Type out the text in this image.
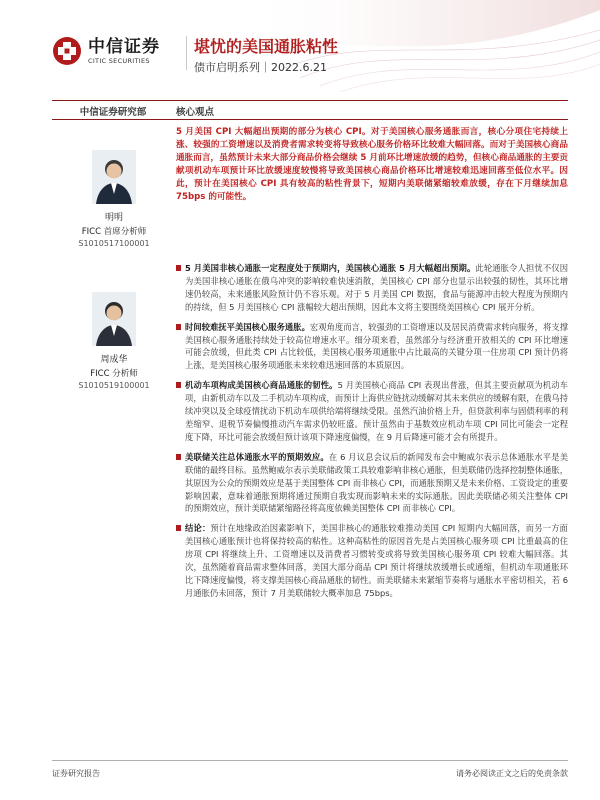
中信证券
CITIC SECURITIES
堪忧的美国通胀粘性
债市启明系列｜2022.6.21
中信证券研究部	核心观点
明明
FICC 首席分析师
S1010517100001
周成华
FICC 分析师
S1010519100001
5 月美国 CPI 大幅超出预期的部分为核心 CPI。对于美国核心服务通胀而言，核心分项住宅持续上涨、较强的工资增速以及消费者需求转变将导致核心服务价格环比较难大幅回落。而对于美国核心商品通胀而言，虽然预计未来大部分商品价格会继续 5 月前环比增速放缓的趋势，但核心商品通胀的主要贡献项机动车项预计环比放缓速度较慢将导致美国核心商品价格环比增速较难迅速回落至低位水平。因此，预计在美国核心 CPI 具有较高的粘性背景下，短期内美联储紧缩较难放缓，存在下月继续加息 75bps 的可能性。
5 月美国非核心通胀一定程度处于预期内，美国核心通胀 5 月大幅超出预期。此轮通胀令人担忧不仅因为美国非核心通胀在俄乌冲突的影响较难快速消散，美国核心 CPI 部分也显示出较强的韧性，其环比增速仍较高，未来通胀风险预计仍不容乐观。对于 5 月美国 CPI 数据，食品与能源冲击较大程度为预期内的持续，但 5 月美国核心 CPI 涨幅较大超出预期，因此本文将主要围绕美国核心 CPI 展开分析。
时间较难抚平美国核心服务通胀。宏观角度而言，较强劲的工资增速以及居民消费需求转向服务，将支撑美国核心服务通胀持续处于较高位增速水平。细分项来看，虽然部分与经济重开放相关的 CPI 环比增速可能会放缓，但此类 CPI 占比较低，美国核心服务项通胀中占比最高的关键分项一住房项 CPI 预计仍将上涨，是美国核心服务项通胀未来较难迅速回落的本质原因。
机动车项构成美国核心商品通胀的韧性。5 月美国核心商品 CPI 表现出普涨，但其主要贡献项为机动车项，由新机动车以及二手机动车项构成，而预计上海供应链扰动缓解对其未来供应的缓解有限，在俄乌持续冲突以及全球疫情扰动下机动车项供给端将继续受限。虽然汽油价格上升，但贷款利率与固债利率的利差缩窄、退税节奏偏慢推动汽车需求仍较旺盛。预计虽然由于基数效应机动车项 CPI 同比可能会一定程度下降，环比可能会放缓但预计该项下降速度偏慢，在 9 月后降速可能才会有所提升。
美联储关注总体通胀水平的预期效应。在 6 月议息会议后的新闻发布会中鲍威尔表示总体通胀水平是美联储的最终目标。虽然鲍威尔表示美联储政策工具较难影响非核心通胀，但美联储仍选择控制整体通胀，其原因为公众的预期效应是基于美国整体 CPI 而非核心 CPI，而通胀预期又是未来价格、工资设定的重要影响因素，意味着通胀预期将通过预期自我实现而影响未来的实际通胀。因此美联储必须关注整体 CPI 的预期效应，预计美联储紧缩路径将高度依赖美国整体 CPI 而非核心 CPI。
结论：预计在地缘政治因素影响下，美国非核心的通胀较难推动美国 CPI 短期内大幅回落，而另一方面美国核心通胀预计也将保持较高的粘性。这种高粘性的原因首先是占美国核心服务项 CPI 比重最高的住房项 CPI 将继续上升、工资增速以及消费者习惯转变或将导致美国核心服务项 CPI 较难大幅回落。其次，虽然随着商品需求整体回落，美国大部分商品 CPI 预计将继续放缓增长或通缩，但机动车项通胀环比下降速度偏慢，将支撑美国核心商品通胀的韧性。而美联储未来紧缩节奏将与通胀水平密切相关，若 6 月通胀仍未回落，预计 7 月美联储较大概率加息 75bps。
证券研究报告	请务必阅读正文之后的免责条款
